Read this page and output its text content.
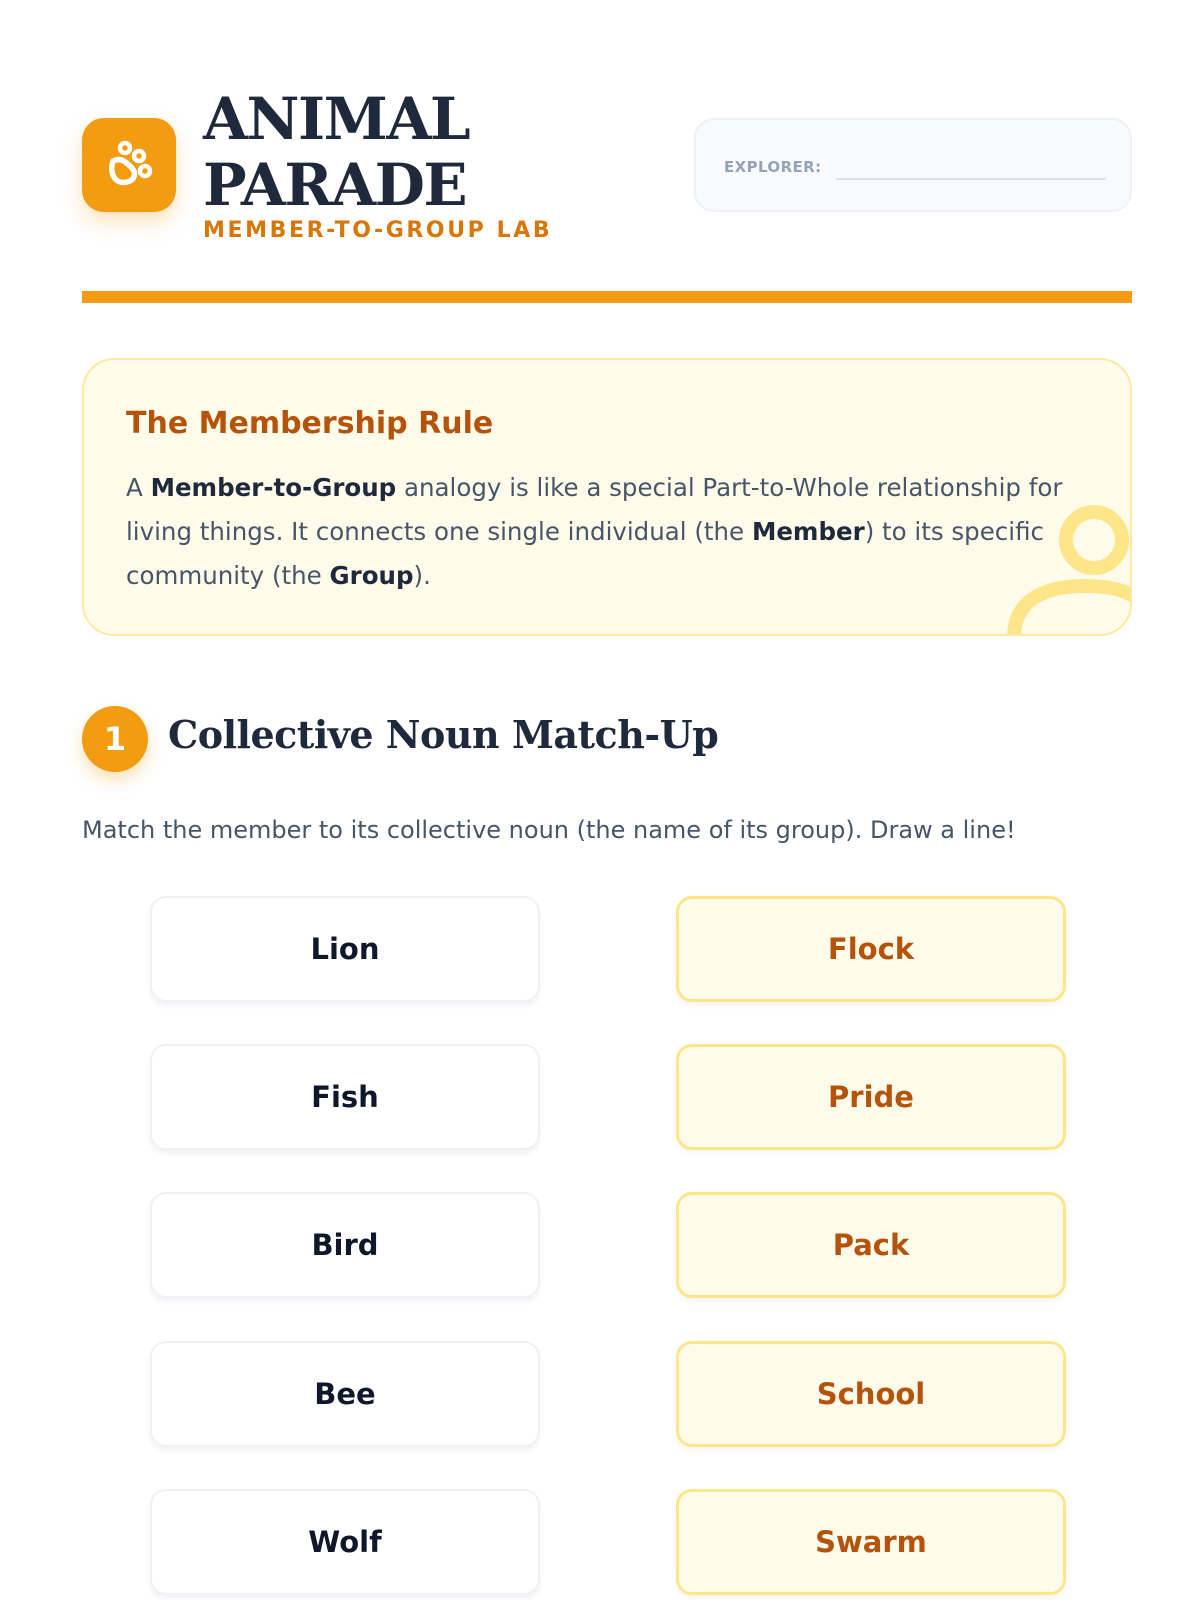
ANIMAL
PARADE
MEMBER-TO-GROUP LAB
EXPLORER:
The Membership Rule

A Member-to-Group analogy is like a special Part-to-Whole relationship for living things. It connects one single individual (the Member) to its specific community (the Group).

1	Collective Noun Match-Up
Match the member to its collective noun (the name of its group). Draw a line!
Lion
Fish
Bird
Bee
Wolf
Flock
Pride
Pack
School
Swarm
